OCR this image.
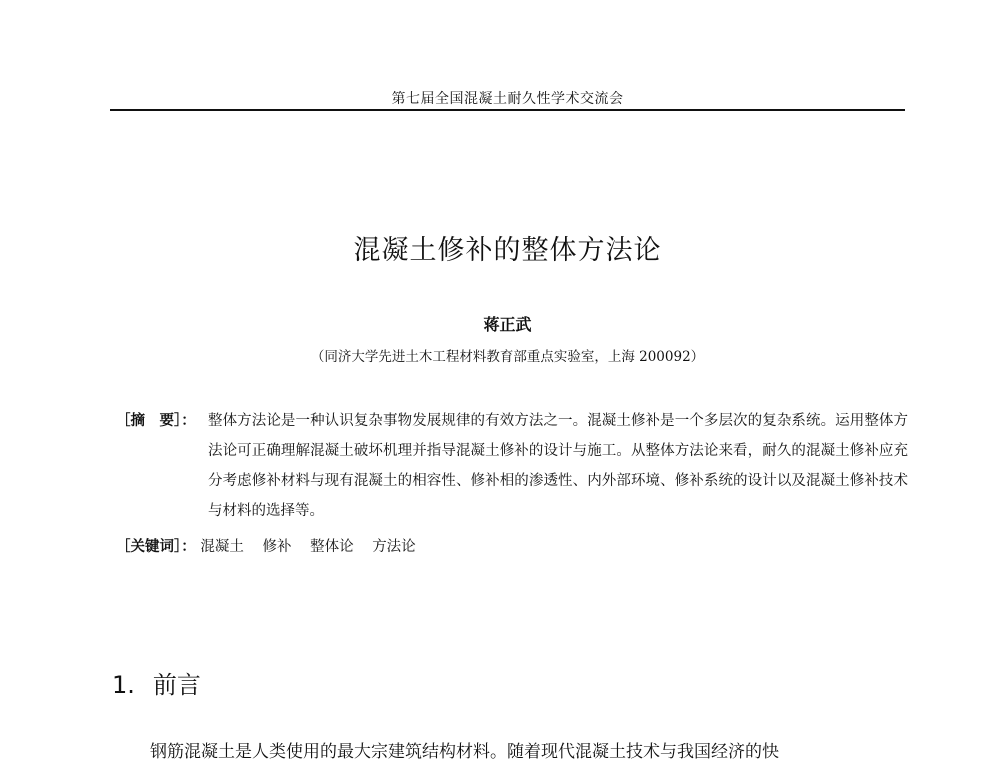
第七届全国混凝土耐久性学术交流会
混凝土修补的整体方法论
蒋正武
（同济大学先进土木工程材料教育部重点实验室，上海 200092）
［摘　要］： 整体方法论是一种认识复杂事物发展规律的有效方法之一。混凝土修补是一个多层次的复杂系统。运用整体方法论可正确理解混凝土破坏机理并指导混凝土修补的设计与施工。从整体方法论来看，耐久的混凝土修补应充分考虑修补材料与现有混凝土的相容性、修补相的渗透性、内外部环境、修补系统的设计以及混凝土修补技术与材料的选择等。
［关键词］： 混凝土 修补 整体论 方法论
1. 前言
钢筋混凝土是人类使用的最大宗建筑结构材料。随着现代混凝土技术与我国经济的快
